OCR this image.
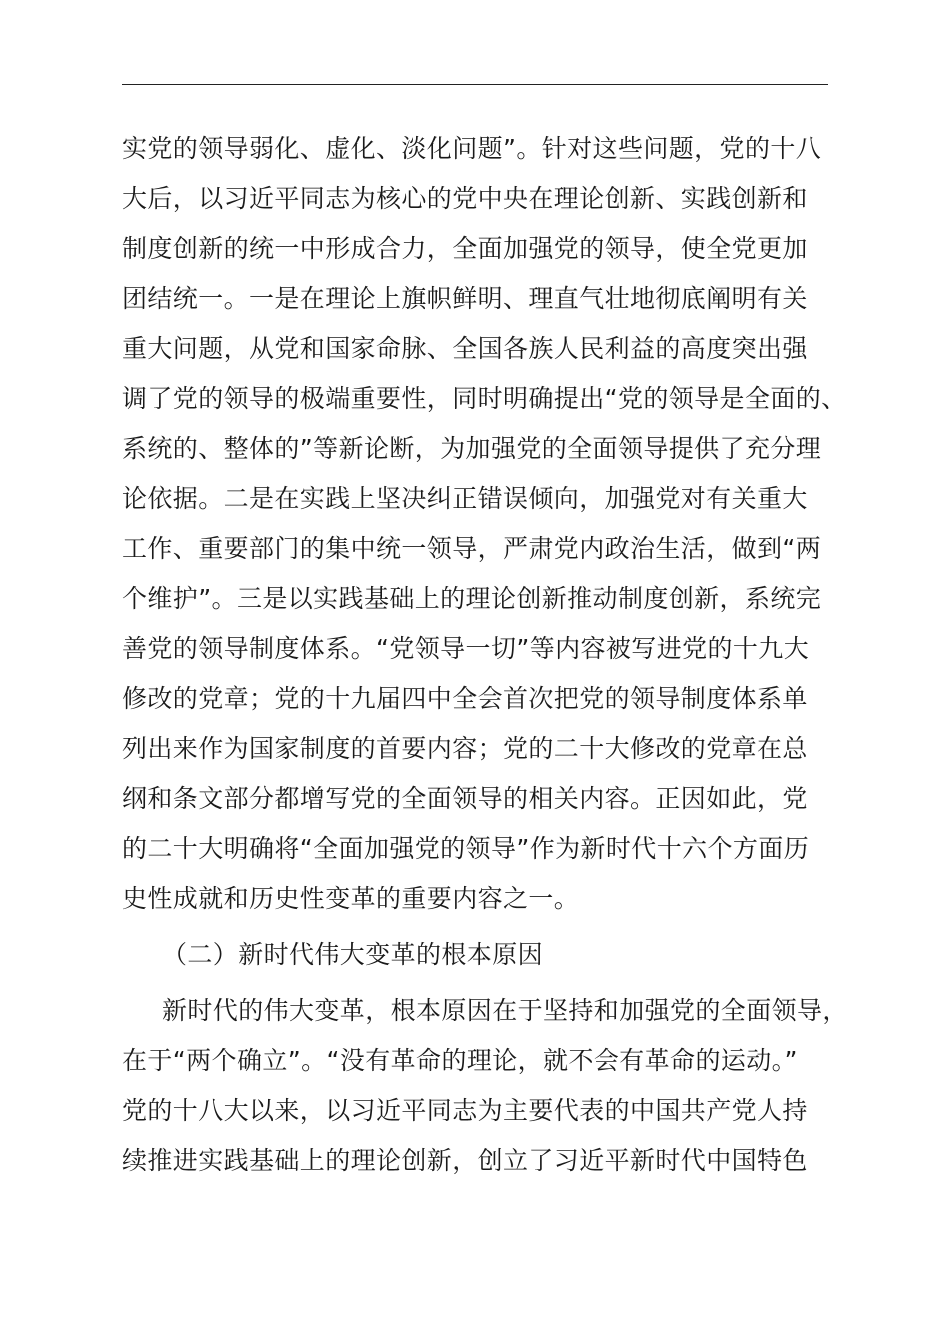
实党的领导弱化、虚化、淡化问题”。针对这些问题，党的十八
大后，以习近平同志为核心的党中央在理论创新、实践创新和
制度创新的统一中形成合力，全面加强党的领导，使全党更加
团结统一。一是在理论上旗帜鲜明、理直气壮地彻底阐明有关
重大问题，从党和国家命脉、全国各族人民利益的高度突出强
调了党的领导的极端重要性，同时明确提出“党的领导是全面的、
系统的、整体的”等新论断，为加强党的全面领导提供了充分理
论依据。二是在实践上坚决纠正错误倾向，加强党对有关重大
工作、重要部门的集中统一领导，严肃党内政治生活，做到“两
个维护”。三是以实践基础上的理论创新推动制度创新，系统完
善党的领导制度体系。“党领导一切”等内容被写进党的十九大
修改的党章；党的十九届四中全会首次把党的领导制度体系单
列出来作为国家制度的首要内容；党的二十大修改的党章在总
纲和条文部分都增写党的全面领导的相关内容。正因如此，党
的二十大明确将“全面加强党的领导”作为新时代十六个方面历
史性成就和历史性变革的重要内容之一。
（二）新时代伟大变革的根本原因
新时代的伟大变革，根本原因在于坚持和加强党的全面领导，
在于“两个确立”。“没有革命的理论，就不会有革命的运动。”
党的十八大以来，以习近平同志为主要代表的中国共产党人持
续推进实践基础上的理论创新，创立了习近平新时代中国特色
